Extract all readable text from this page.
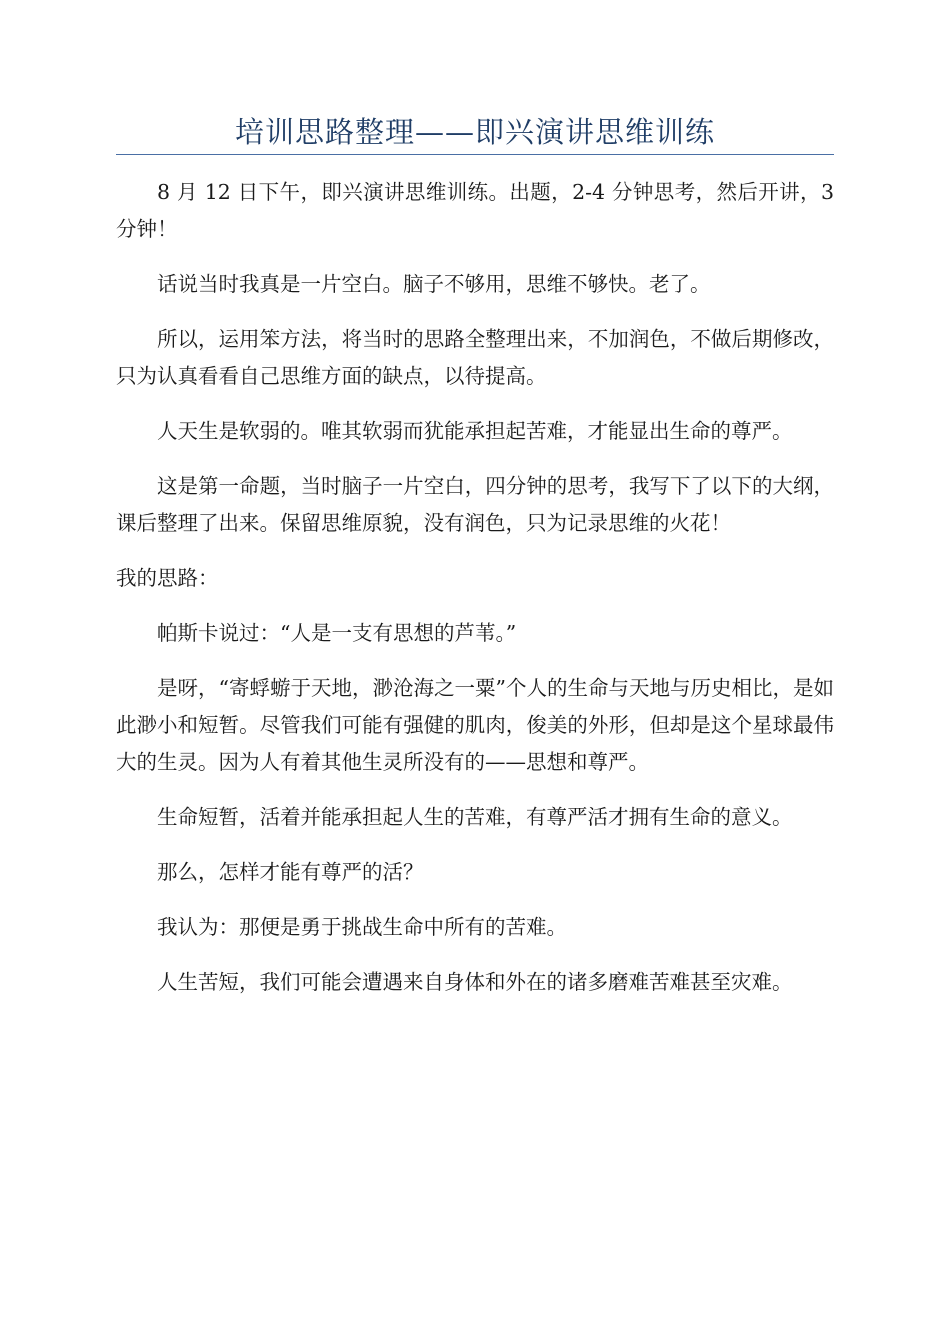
培训思路整理——即兴演讲思维训练

8 月 12 日下午，即兴演讲思维训练。出题，2-4 分钟思考，然后开讲，3 分钟！

话说当时我真是一片空白。脑子不够用，思维不够快。老了。

所以，运用笨方法，将当时的思路全整理出来，不加润色，不做后期修改，只为认真看看自己思维方面的缺点，以待提高。

人天生是软弱的。唯其软弱而犹能承担起苦难，才能显出生命的尊严。

这是第一命题，当时脑子一片空白，四分钟的思考，我写下了以下的大纲，课后整理了出来。保留思维原貌，没有润色，只为记录思维的火花！

我的思路：

帕斯卡说过：“人是一支有思想的芦苇。”

是呀，“寄蜉蝣于天地，渺沧海之一粟”个人的生命与天地与历史相比，是如此渺小和短暂。尽管我们可能有强健的肌肉，俊美的外形，但却是这个星球最伟大的生灵。因为人有着其他生灵所没有的——思想和尊严。

生命短暂，活着并能承担起人生的苦难，有尊严活才拥有生命的意义。

那么，怎样才能有尊严的活？

我认为：那便是勇于挑战生命中所有的苦难。

人生苦短，我们可能会遭遇来自身体和外在的诸多磨难苦难甚至灾难。
